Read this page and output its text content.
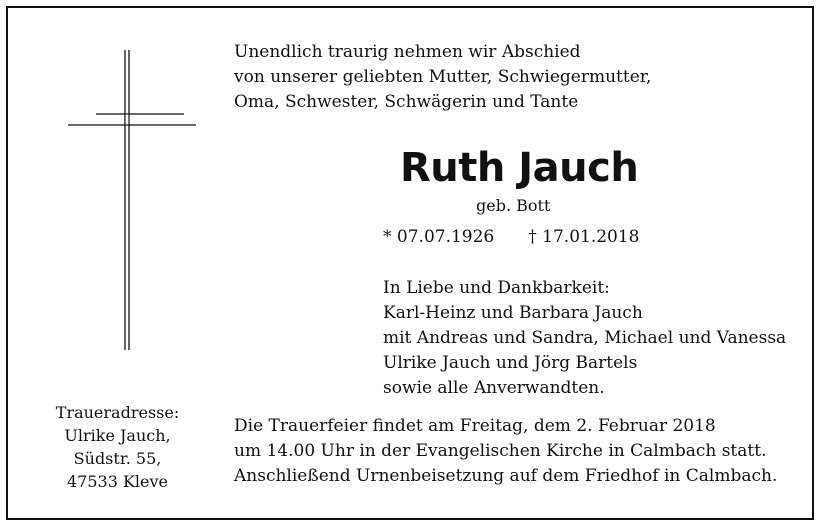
Unendlich traurig nehmen wir Abschied
von unserer geliebten Mutter, Schwiegermutter,
Oma, Schwester, Schwägerin und Tante
Ruth Jauch
geb. Bott
* 07.07.1926 † 17.01.2018
In Liebe und Dankbarkeit:
Karl-Heinz und Barbara Jauch
mit Andreas und Sandra, Michael und Vanessa
Ulrike Jauch und Jörg Bartels
sowie alle Anverwandten.
Traueradresse:
Ulrike Jauch,
Südstr. 55,
47533 Kleve
Die Trauerfeier findet am Freitag, dem 2. Februar 2018
um 14.00 Uhr in der Evangelischen Kirche in Calmbach statt.
Anschließend Urnenbeisetzung auf dem Friedhof in Calmbach.
